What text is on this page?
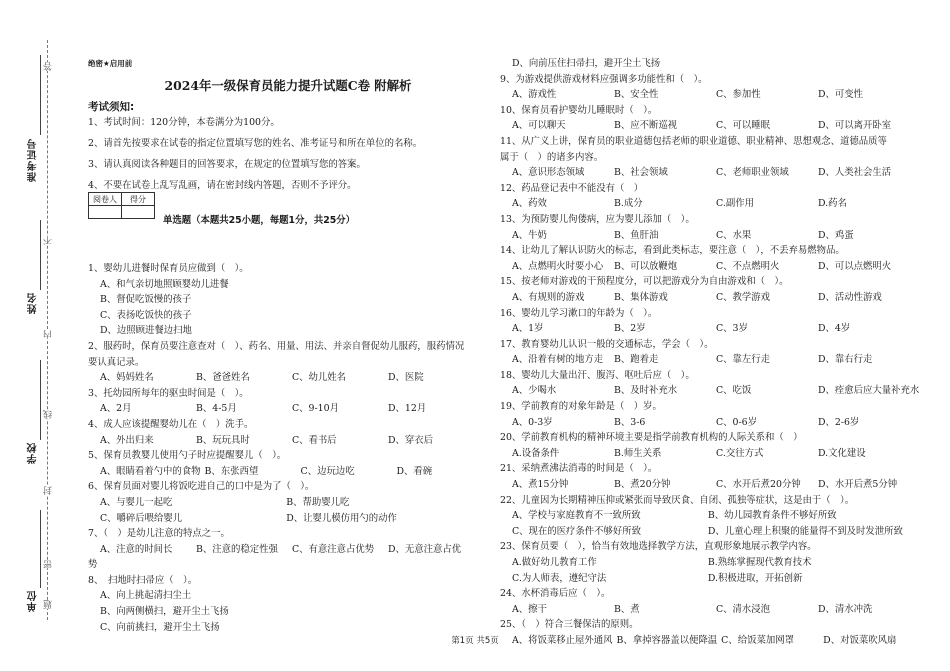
准考证号
姓名
学校
单位
答
不
内
线
封
密
题
绝密★启用前
2024年一级保育员能力提升试题C卷 附解析
考试须知:
1、考试时间：120分钟，本卷满分为100分。
2、请首先按要求在试卷的指定位置填写您的姓名、准考证号和所在单位的名称。
3、请认真阅读各种题目的回答要求，在规定的位置填写您的答案。
4、不要在试卷上乱写乱画，请在密封线内答题，否则不予评分。
阅卷人	得分

单选题（本题共25小题，每题1分，共25分）
1、婴幼儿进餐时保育员应做到（　）。
A、和气亲切地照顾婴幼儿进餐
B、督促吃饭慢的孩子
C、表扬吃饭快的孩子
D、边照顾进餐边扫地
2、服药时，保育员要注意查对（　）、药名、用量、用法、并亲自督促幼儿服药，服药情况
要认真记录。
A、妈妈姓名	B、爸爸姓名	C、幼儿姓名	D、医院
3、托幼园所每年的驱虫时间是（　）。
A、2月	B、4-5月	C、9-10月	D、12月
4、成人应该提醒婴幼儿在（　）洗手。
A、外出归来	B、玩玩具时	C、看书后	D、穿衣后
5、保育员教婴儿使用勺子时应提醒婴儿（　）。
A、眼睛看着勺中的食物 B、东张西望	C、边玩边吃	D、看碗
6、保育员面对婴儿将饭吃进自己的口中是为了（　）。
A、与婴儿一起吃	B、帮助婴儿吃
C、嚼碎后喂给婴儿	D、让婴儿模仿用勺的动作
7、（　）是幼儿注意的特点之一。
A、注意的时间长	B、注意的稳定性强 C、有意注意占优势 D、无意注意占优
势
8、　扫地时扫帚应（　）。
A、向上挑起清扫尘土
B、向两侧横扫，避开尘土飞扬
C、向前挑扫，避开尘土飞扬
D、向前压住扫帚扫，避开尘土飞扬
9、为游戏提供游戏材料应强调多功能性和（　）。
A、游戏性	B、安全性	C、参加性	D、可变性
10、保育员看护婴幼儿睡眠时（　）。
A、可以聊天	B、应不断巡视	C、可以睡眠	D、可以离开卧室
11、从广义上讲，保育员的职业道德包括老师的职业道德、职业精神、思想观念、道德品质等
属于（　）的诸多内容。
A、意识形态领域	B、社会领域	C、老师职业领域	D、人类社会生活
12、药品登记表中不能没有（　）
A、药效	B.成分	C.副作用	D.药名
13、为预防婴儿佝偻病，应为婴儿添加（　）。
A、牛奶	B、鱼肝油	C、水果	D、鸡蛋
14、让幼儿了解认识防火的标志，看到此类标志，要注意（　），不丢弃易燃物品。
A、点燃明火时要小心 B、可以放鞭炮	C、不点燃明火	D、可以点燃明火
15、按老师对游戏的干预程度分，可以把游戏分为自由游戏和（　）。
A、有规则的游戏	B、集体游戏	C、教学游戏	D、活动性游戏
16、婴幼儿学习漱口的年龄为（　）。
A、1岁	B、2岁	C、3岁	D、4岁
17、教育婴幼儿认识一般的交通标志，学会（　）。
A、沿着有树的地方走 B、跑着走	C、靠左行走	D、靠右行走
18、婴幼儿大量出汗、腹泻、呕吐后应（　）。
A、少喝水	B、及时补充水	C、吃饭	D、痊愈后应大量补充水
19、学前教育的对象年龄是（　）岁。
A、0-3岁	B、3-6	C、0-6岁	D、2-6岁
20、学前教育机构的精神环境主要是指学前教育机构的人际关系和（　）
A.设备条件	B.师生关系	C.交往方式	D.文化建设
21、采纳煮沸法消毒的时间是（　）。
A、煮15分钟	B、煮20分钟	C、水开后煮20分钟 D、水开后煮5分钟
22、儿童因为长期精神压抑或紧张而导致厌食、自闭、孤独等症状，这是由于（　）。
A、学校与家庭教育不一致所致	B、幼儿园教育条件不够好所致
C、现在的医疗条件不够好所致	D、儿童心理上积聚的能量得不到及时发泄所致
23、保育员要（　），恰当有效地选择教学方法，直观形象地展示教学内容。
A.做好幼儿教育工作	B.熟练掌握现代教育技术
C.为人师表，遵纪守法	D.积极进取，开拓创新
24、水杯消毒后应（　）。
A、擦干	B、煮	C、清水浸泡	D、清水冲洗
25、（　）符合三餐保洁的原则。
A、将饭菜移止屋外通风 B、拿掉容器盖以便降温 C、给饭菜加网罩	D、对饭菜吹风扇
第1页 共5页
